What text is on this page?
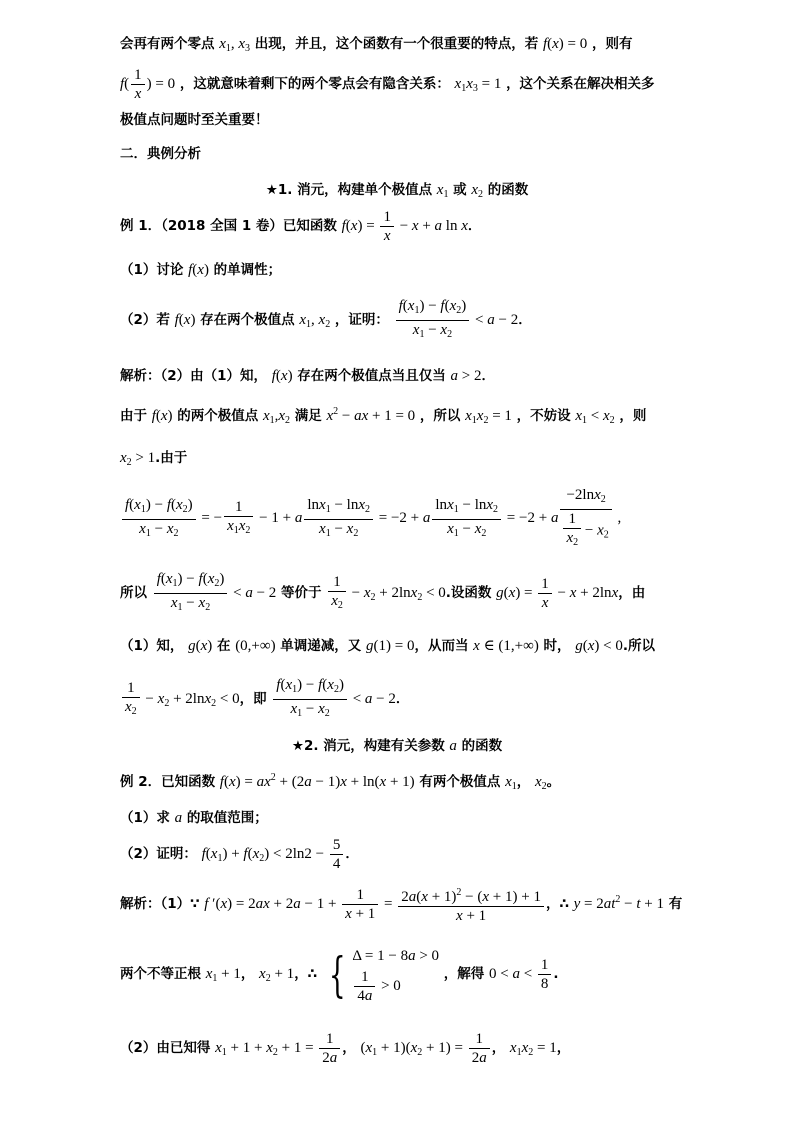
会再有两个零点 $x_1$, $x_3$ 出现，并且，这个函数有一个很重要的特点，若 f(x) = 0 ，则有
$f( \frac{1}{x}$ ) = 0 ，这就意味着剩下的两个零点会有隐含关系： $x_1x_3 = 1$ ，这个关系在解决相关多
极值点问题时至关重要！
二．典例分析
★1. 消元，构建单个极值点 $x_1$ 或 $x_2$ 的函数
例 1．（2018 全国 1 卷）已知函数 $f(x) = \frac{1}{x} - x + a$ ln x．
（1）讨论 f(x) 的单调性；
（2）若 f(x) 存在两个极值点 $x_1$, $x_2$ ，证明： $\frac{f(x_1) - f(x_2)}{x_1 - x_2} < a - 2$．
解析：（2）由（1）知， f(x) 存在两个极值点当且仅当 a > 2．
由于 f(x) 的两个极值点 $x_1,x_2$ 满足 $x^2$ − ax + 1 = 0 ，所以 $x_1x_2 = 1$ ，不妨设 $x_1 < x_2$ ，则
$x_2 > 1$.由于
$\frac{f(x_1) - f(x_2)}{x_1 - x_2}$ = − $\frac{1}{x_1x_2} - 1 + a \frac{\ln x_1 - \ln x_2}{x_1 - x_2} = -2 + a \frac{\ln x_1 - \ln x_2}{x_1 - x_2} = -2 + a \frac{-2\ln x_2}{\frac{1}{x_2} - x_2}$ ,
所以 $\frac{f(x_1) - f(x_2)}{x_1 - x_2} < a - 2$ 等价于 $\frac{1}{x_2} - x_2 + 2\ln x_2 < 0$.设函数 $g(x) = \frac{1}{x} - x + 2\ln x$，由
（1）知， g(x) 在 (0,+∞) 单调递减，又 g(1) = 0，从而当 x ∈ (1,+∞) 时， g(x) < 0.所以
$\frac{1}{x_2} - x_2 + 2\ln x_2 < 0$，即 $\frac{f(x_1) - f(x_2)}{x_1 - x_2} < a - 2$．
★2. 消元，构建有关参数 a 的函数
例 2．已知函数 $f(x) = ax^2 + (2a - 1)x + \ln(x + 1)$ 有两个极值点 $x_1$， $x_2$。
（1）求 a 的取值范围；
（2）证明： $f(x_1) + f(x_2) < 2\ln 2 - \frac{5}{4}$ ．
解析：（1）∵ f $'(x) = 2ax + 2a - 1 + \frac{1}{x + 1} = \frac{2a(x + 1)^2 - (x + 1) + 1}{x + 1}$ ，∴ $y = 2at^2 - t + 1$ 有
两个不等正根 $x_1 + 1$， $x_2 + 1$，∴ { Δ = 1 − 8a > 0
$\frac{1}{4a} > 0$
，解得 $0 < a < \frac{1}{8}$ .
（2）由已知得 $x_1 + 1 + x_2 + 1 = \frac{1}{2a}$ ， $(x_1 + 1)(x_2 + 1) = \frac{1}{2a}$ ， $x_1x_2 = 1$，
